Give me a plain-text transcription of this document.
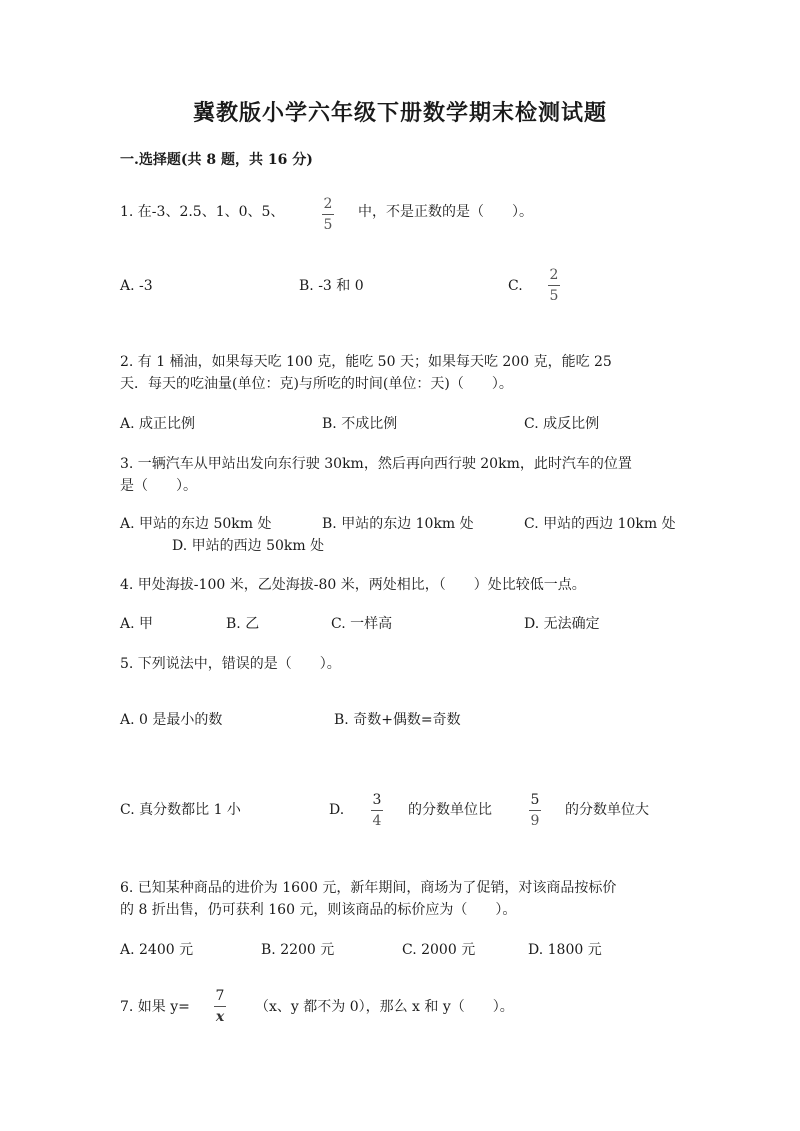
冀教版小学六年级下册数学期末检测试题
一.选择题(共 8 题，共 16 分)
1. 在-3、2.5、1、0、5、	2
5
中，不是正数的是（　　）。
A. -3	B. -3 和 0	C.
2
5
2. 有 1 桶油，如果每天吃 100 克，能吃 50 天；如果每天吃 200 克，能吃 25
天．每天的吃油量(单位：克)与所吃的时间(单位：天)（　　）。
A. 成正比例	B. 不成比例	C. 成反比例
3. 一辆汽车从甲站出发向东行驶 30km，然后再向西行驶 20km，此时汽车的位置
是（　　）。
A. 甲站的东边 50km 处	B. 甲站的东边 10km 处	C. 甲站的西边 10km 处
D. 甲站的西边 50km 处
4. 甲处海拔-100 米，乙处海拔-80 米，两处相比，（　　）处比较低一点。
A. 甲	B. 乙	C. 一样高	D. 无法确定
5. 下列说法中，错误的是（　　）。
A. 0 是最小的数	B. 奇数+偶数=奇数
C. 真分数都比 1 小	D.
3
4
的分数单位比
5
9
的分数单位大
6. 已知某种商品的进价为 1600 元，新年期间，商场为了促销，对该商品按标价
的 8 折出售，仍可获利 160 元，则该商品的标价应为（　　）。
A. 2400 元	B. 2200 元	C. 2000 元	D. 1800 元
7. 如果 y=
7
x
（x、y 都不为 0），那么 x 和 y（　　）。
